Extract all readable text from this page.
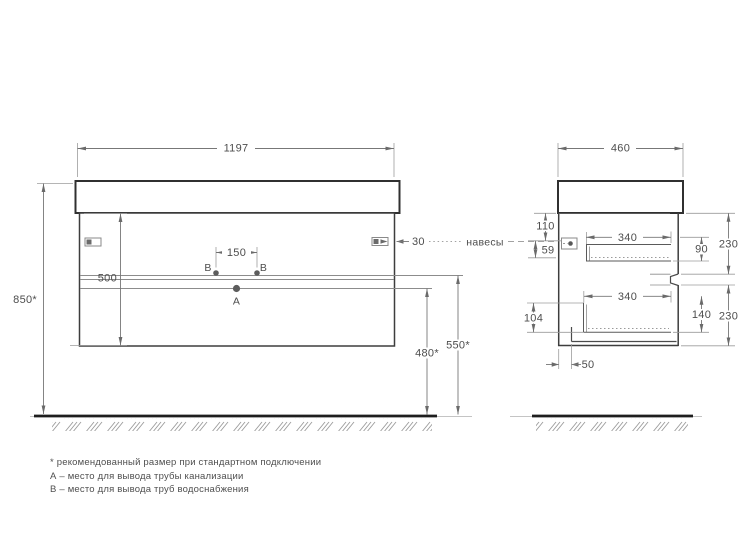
B	B
A
1197
850*
500
150
30	навесы
550*
480*
460
110
59
340
90 230
340
140
104	230
50
* рекомендованный размер при стандартном подключении
А – место для вывода трубы канализации
В – место для вывода труб водоснабжения
